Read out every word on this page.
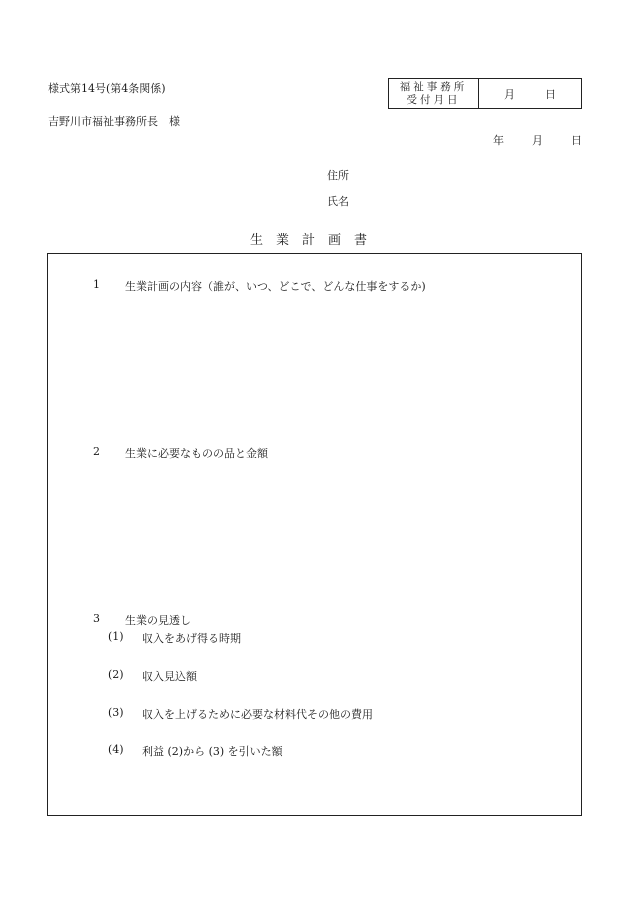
様式第14号(第4条関係)
吉野川市福祉事務所長　様
福祉事務所
受付月日	月	日
年	月	日
住所
氏名
生業計画書
1 生業計画の内容（誰が、いつ、どこで、どんな仕事をするか)
2 生業に必要なものの品と金額
3 生業の見透し
(1) 収入をあげ得る時期
(2) 収入見込額
(3) 収入を上げるために必要な材料代その他の費用
(4) 利益 (2)から (3) を引いた額
